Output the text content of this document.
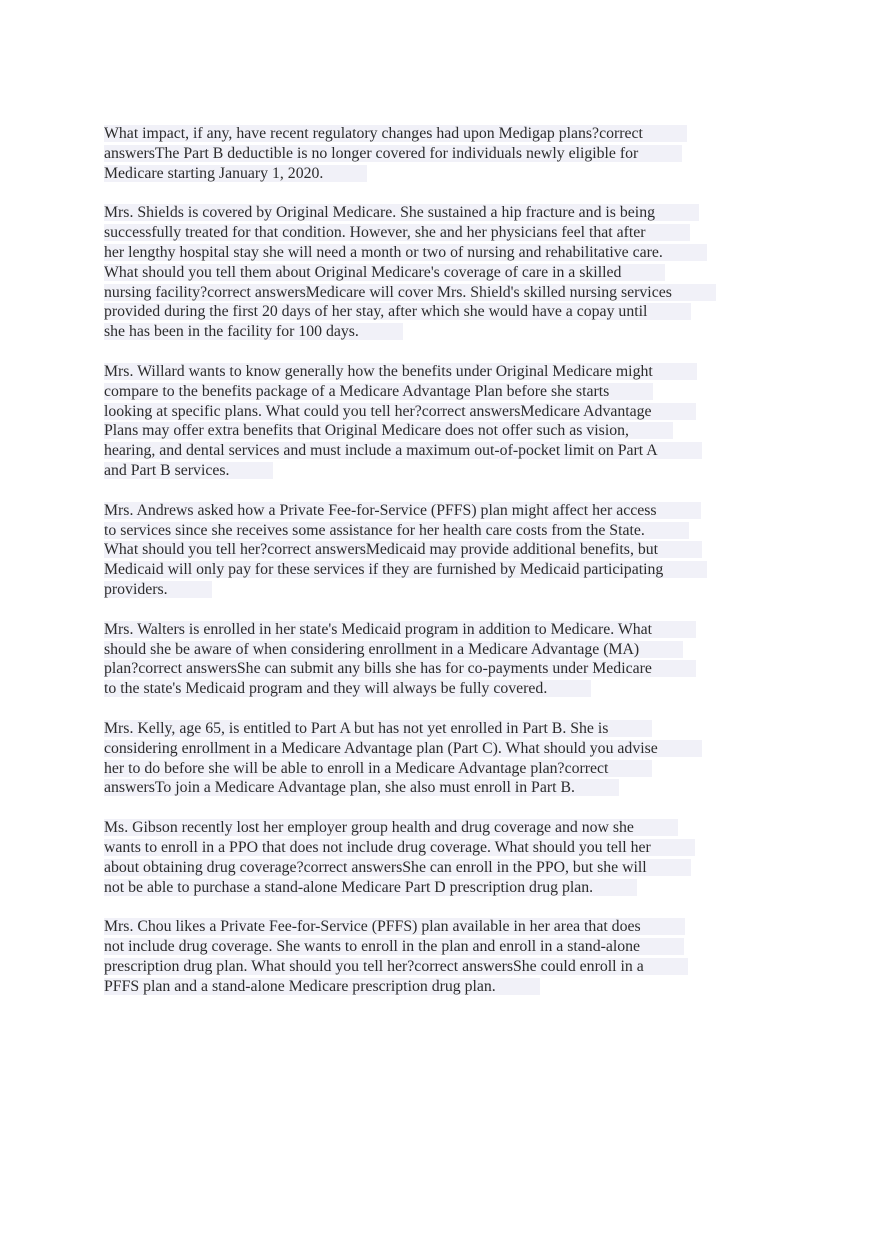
What impact, if any, have recent regulatory changes had upon Medigap plans?correct
answersThe Part B deductible is no longer covered for individuals newly eligible for
Medicare starting January 1, 2020.
Mrs. Shields is covered by Original Medicare. She sustained a hip fracture and is being
successfully treated for that condition. However, she and her physicians feel that after
her lengthy hospital stay she will need a month or two of nursing and rehabilitative care.
What should you tell them about Original Medicare's coverage of care in a skilled
nursing facility?correct answersMedicare will cover Mrs. Shield's skilled nursing services
provided during the first 20 days of her stay, after which she would have a copay until
she has been in the facility for 100 days.
Mrs. Willard wants to know generally how the benefits under Original Medicare might
compare to the benefits package of a Medicare Advantage Plan before she starts
looking at specific plans. What could you tell her?correct answersMedicare Advantage
Plans may offer extra benefits that Original Medicare does not offer such as vision,
hearing, and dental services and must include a maximum out-of-pocket limit on Part A
and Part B services.
Mrs. Andrews asked how a Private Fee-for-Service (PFFS) plan might affect her access
to services since she receives some assistance for her health care costs from the State.
What should you tell her?correct answersMedicaid may provide additional benefits, but
Medicaid will only pay for these services if they are furnished by Medicaid participating
providers.
Mrs. Walters is enrolled in her state's Medicaid program in addition to Medicare. What
should she be aware of when considering enrollment in a Medicare Advantage (MA)
plan?correct answersShe can submit any bills she has for co-payments under Medicare
to the state's Medicaid program and they will always be fully covered.
Mrs. Kelly, age 65, is entitled to Part A but has not yet enrolled in Part B. She is
considering enrollment in a Medicare Advantage plan (Part C). What should you advise
her to do before she will be able to enroll in a Medicare Advantage plan?correct
answersTo join a Medicare Advantage plan, she also must enroll in Part B.
Ms. Gibson recently lost her employer group health and drug coverage and now she
wants to enroll in a PPO that does not include drug coverage. What should you tell her
about obtaining drug coverage?correct answersShe can enroll in the PPO, but she will
not be able to purchase a stand-alone Medicare Part D prescription drug plan.
Mrs. Chou likes a Private Fee-for-Service (PFFS) plan available in her area that does
not include drug coverage. She wants to enroll in the plan and enroll in a stand-alone
prescription drug plan. What should you tell her?correct answersShe could enroll in a
PFFS plan and a stand-alone Medicare prescription drug plan.
